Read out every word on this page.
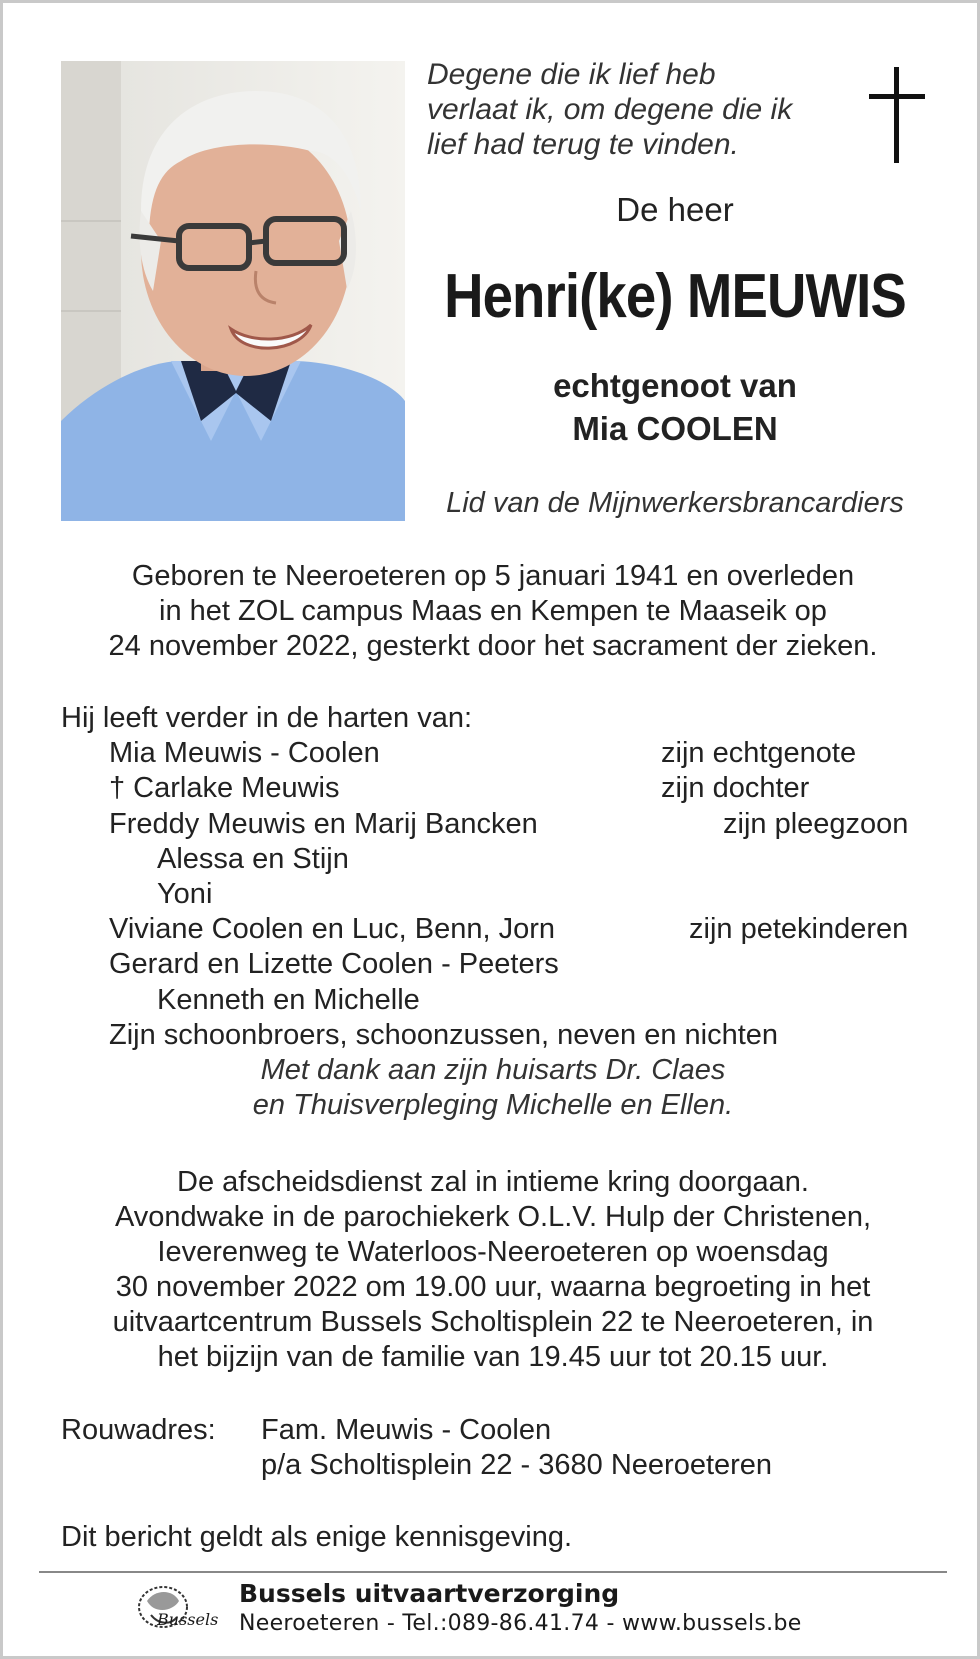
Degene die ik lief heb
verlaat ik, om degene die ik
lief had terug te vinden.
De heer
Henri(ke) MEUWIS
echtgenoot van
Mia COOLEN
Lid van de Mijnwerkersbrancardiers
Geboren te Neeroeteren op 5 januari 1941 en overleden
in het ZOL campus Maas en Kempen te Maaseik op
24 november 2022, gesterkt door het sacrament der zieken.
Hij leeft verder in de harten van:
Mia Meuwis - Coolen	zijn echtgenote
† Carlake Meuwis	zijn dochter
Freddy Meuwis en Marij Bancken	zijn pleegzoon
Alessa en Stijn
Yoni
Viviane Coolen en Luc, Benn, Jorn	zijn petekinderen
Gerard en Lizette Coolen - Peeters
Kenneth en Michelle
Zijn schoonbroers, schoonzussen, neven en nichten
Met dank aan zijn huisarts Dr. Claes
en Thuisverpleging Michelle en Ellen.
De afscheidsdienst zal in intieme kring doorgaan.
Avondwake in de parochiekerk O.L.V. Hulp der Christenen,
Ieverenweg te Waterloos-Neeroeteren op woensdag
30 november 2022 om 19.00 uur, waarna begroeting in het
uitvaartcentrum Bussels Scholtisplein 22 te Neeroeteren, in
het bijzijn van de familie van 19.45 uur tot 20.15 uur.
Rouwadres: Fam. Meuwis - Coolen
p/a Scholtisplein 22 - 3680 Neeroeteren
Dit bericht geldt als enige kennisgeving.
Bussels
Bussels uitvaartverzorging
Neeroeteren - Tel.:089-86.41.74 - www.bussels.be
